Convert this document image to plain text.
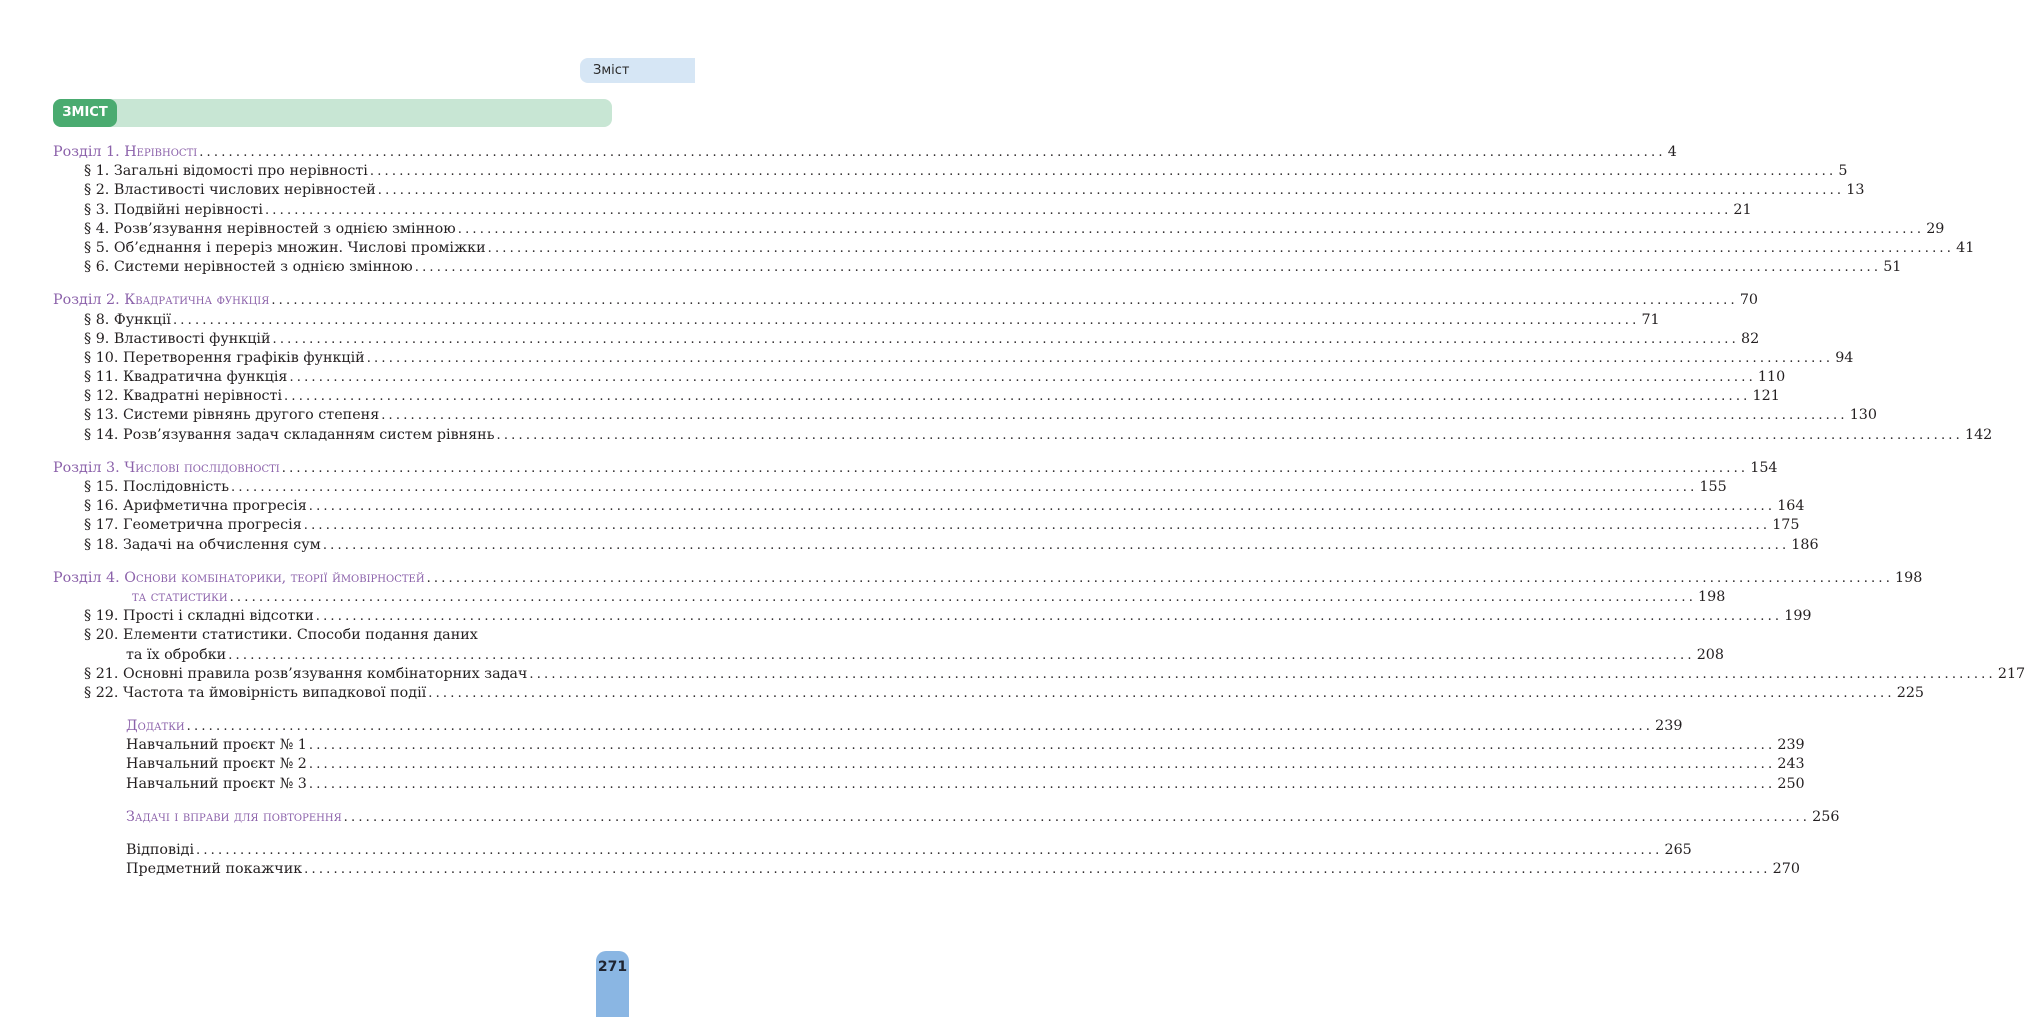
Зміст
ЗМІСТ
Розділ 1. Нерівності ........................................................................................................................................................................................................ 4
§ 1. Загальні відомості про нерівності ........................................................................................................................................................................................................ 5
§ 2. Властивості числових нерівностей ........................................................................................................................................................................................................ 13
§ 3. Подвійні нерівності ........................................................................................................................................................................................................ 21
§ 4. Розв’язування нерівностей з однією змінною ........................................................................................................................................................................................................ 29
§ 5. Об’єднання і переріз множин. Числові проміжки ........................................................................................................................................................................................................ 41
§ 6. Системи нерівностей з однією змінною ........................................................................................................................................................................................................ 51
Розділ 2. Квадратична функція ........................................................................................................................................................................................................ 70
§ 8. Функції ........................................................................................................................................................................................................ 71
§ 9. Властивості функцій ........................................................................................................................................................................................................ 82
§ 10. Перетворення графіків функцій ........................................................................................................................................................................................................ 94
§ 11. Квадратична функція ........................................................................................................................................................................................................ 110
§ 12. Квадратні нерівності ........................................................................................................................................................................................................ 121
§ 13. Системи рівнянь другого степеня ........................................................................................................................................................................................................ 130
§ 14. Розв’язування задач складанням систем рівнянь ........................................................................................................................................................................................................ 142
Розділ 3. Числові послідовності ........................................................................................................................................................................................................ 154
§ 15. Послідовність ........................................................................................................................................................................................................ 155
§ 16. Арифметична прогресія ........................................................................................................................................................................................................ 164
§ 17. Геометрична прогресія ........................................................................................................................................................................................................ 175
§ 18. Задачі на обчислення сум ........................................................................................................................................................................................................ 186
Розділ 4. Основи комбінаторики, теорії ймовірностей ........................................................................................................................................................................................................ 198
та статистики ........................................................................................................................................................................................................ 198
§ 19. Прості і складні відсотки ........................................................................................................................................................................................................ 199
§ 20. Елементи статистики. Способи подання даних
та їх обробки ........................................................................................................................................................................................................ 208
§ 21. Основні правила розв’язування комбінаторних задач ........................................................................................................................................................................................................ 217
§ 22. Частота та ймовірність випадкової події ........................................................................................................................................................................................................ 225
Додатки ........................................................................................................................................................................................................ 239
Навчальний проєкт № 1 ........................................................................................................................................................................................................ 239
Навчальний проєкт № 2 ........................................................................................................................................................................................................ 243
Навчальний проєкт № 3 ........................................................................................................................................................................................................ 250
Задачі і вправи для повторення ........................................................................................................................................................................................................ 256
Відповіді ........................................................................................................................................................................................................ 265
Предметний покажчик ........................................................................................................................................................................................................ 270
271
